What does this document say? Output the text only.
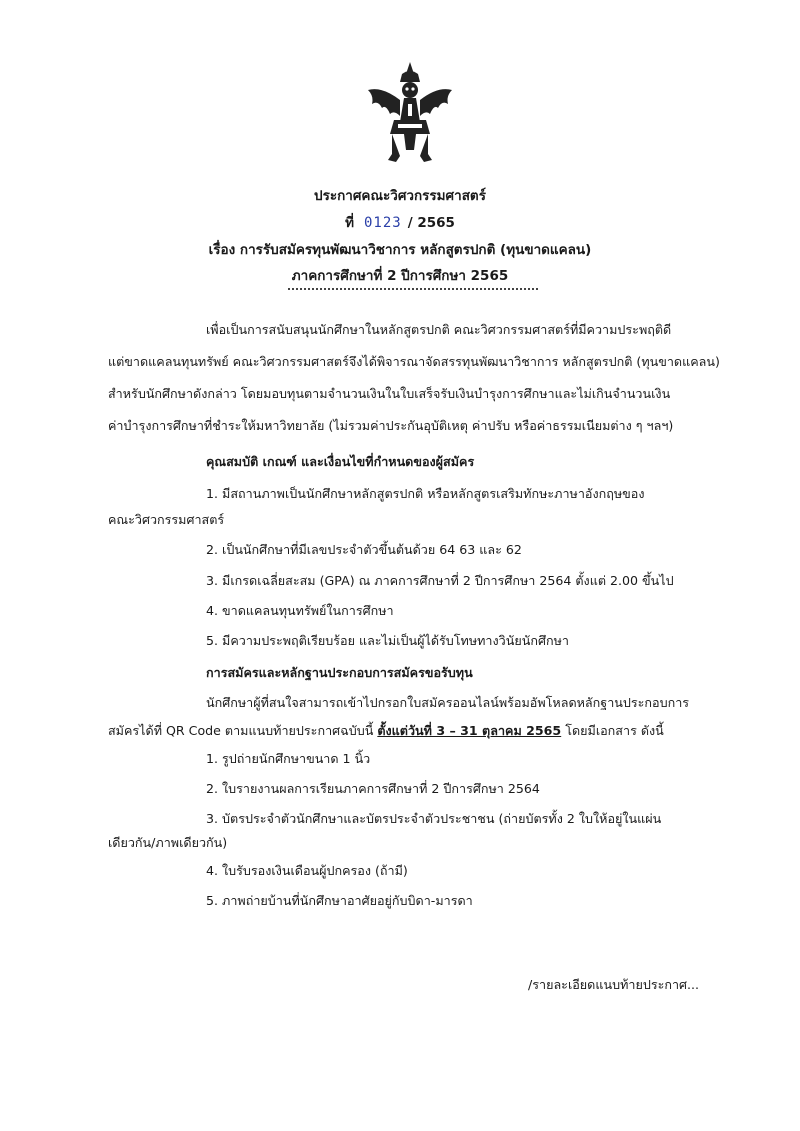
ประกาศคณะวิศวกรรมศาสตร์
ที่ 0123 / 2565
เรื่อง การรับสมัครทุนพัฒนาวิชาการ หลักสูตรปกติ (ทุนขาดแคลน)
ภาคการศึกษาที่ 2 ปีการศึกษา 2565
เพื่อเป็นการสนับสนุนนักศึกษาในหลักสูตรปกติ คณะวิศวกรรมศาสตร์ที่มีความประพฤติดี
แต่ขาดแคลนทุนทรัพย์ คณะวิศวกรรมศาสตร์จึงได้พิจารณาจัดสรรทุนพัฒนาวิชาการ หลักสูตรปกติ (ทุนขาดแคลน)
สำหรับนักศึกษาดังกล่าว โดยมอบทุนตามจำนวนเงินในใบเสร็จรับเงินบำรุงการศึกษาและไม่เกินจำนวนเงิน
ค่าบำรุงการศึกษาที่ชำระให้มหาวิทยาลัย (ไม่รวมค่าประกันอุบัติเหตุ ค่าปรับ หรือค่าธรรมเนียมต่าง ๆ ฯลฯ)
คุณสมบัติ เกณฑ์ และเงื่อนไขที่กำหนดของผู้สมัคร
1. มีสถานภาพเป็นนักศึกษาหลักสูตรปกติ หรือหลักสูตรเสริมทักษะภาษาอังกฤษของ
คณะวิศวกรรมศาสตร์
2. เป็นนักศึกษาที่มีเลขประจำตัวขึ้นต้นด้วย 64 63 และ 62
3. มีเกรดเฉลี่ยสะสม (GPA) ณ ภาคการศึกษาที่ 2 ปีการศึกษา 2564 ตั้งแต่ 2.00 ขึ้นไป
4. ขาดแคลนทุนทรัพย์ในการศึกษา
5. มีความประพฤติเรียบร้อย และไม่เป็นผู้ได้รับโทษทางวินัยนักศึกษา
การสมัครและหลักฐานประกอบการสมัครขอรับทุน
นักศึกษาผู้ที่สนใจสามารถเข้าไปกรอกใบสมัครออนไลน์พร้อมอัพโหลดหลักฐานประกอบการ
สมัครได้ที่ QR Code ตามแนบท้ายประกาศฉบับนี้ ตั้งแต่วันที่ 3 – 31 ตุลาคม 2565 โดยมีเอกสาร ดังนี้
1. รูปถ่ายนักศึกษาขนาด 1 นิ้ว
2. ใบรายงานผลการเรียนภาคการศึกษาที่ 2 ปีการศึกษา 2564
3. บัตรประจำตัวนักศึกษาและบัตรประจำตัวประชาชน (ถ่ายบัตรทั้ง 2 ใบให้อยู่ในแผ่น
เดียวกัน/ภาพเดียวกัน)
4. ใบรับรองเงินเดือนผู้ปกครอง (ถ้ามี)
5. ภาพถ่ายบ้านที่นักศึกษาอาศัยอยู่กับบิดา-มารดา
/รายละเอียดแนบท้ายประกาศ...
